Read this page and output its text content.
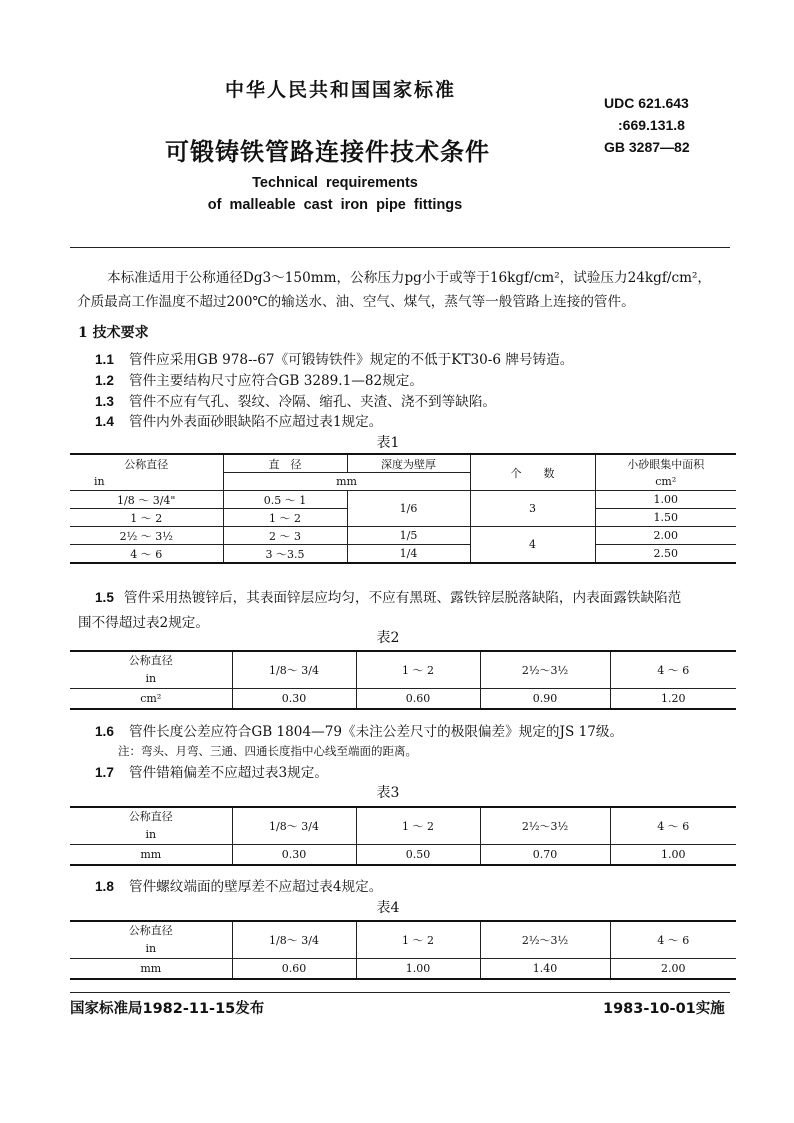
中华人民共和国国家标准
UDC 621.643
:669.131.8
GB 3287—82
可锻铸铁管路连接件技术条件
Technical requirements
of malleable cast iron pipe fittings
本标准适用于公称通径Dg3～150mm，公称压力pg小于或等于16kgf/cm²，试验压力24kgf/cm²，
介质最高工作温度不超过200℃的输送水、油、空气、煤气，蒸气等一般管路上连接的管件。
1 技术要求
1.1 管件应采用GB 978--67《可锻铸铁件》规定的不低于KT30-6 牌号铸造。
1.2 管件主要结构尺寸应符合GB 3289.1—82规定。
1.3 管件不应有气孔、裂纹、冷隔、缩孔、夹渣、浇不到等缺陷。
1.4 管件内外表面砂眼缺陷不应超过表1规定。
表1
公称直径	直　径	深度为壁厚	个　　数	小砂眼集中面积
in	mm			cm²
1/8 ～ 3/4"	0.5 ～ 1	1/6	3	1.00
1 ～ 2	1 ～ 2			1.50
2½ ～ 3½	2 ～ 3	1/5	4	2.00
4 ～ 6	3 ～3.5	1/4		2.50
1.5 管件采用热镀锌后，其表面锌层应均匀，不应有黑斑、露铁锌层脱落缺陷，内表面露铁缺陷范
围不得超过表2规定。
表2
公称直径
in	1/8～ 3/4	1 ～ 2	2½～3½	4 ～ 6
cm²	0.30	0.60	0.90	1.20
1.6 管件长度公差应符合GB 1804—79《未注公差尺寸的极限偏差》规定的JS 17级。
注：弯头、月弯、三通、四通长度指中心线至端面的距离。
1.7 管件错箱偏差不应超过表3规定。
表3
公称直径
in	1/8～ 3/4	1 ～ 2	2½～3½	4 ～ 6
mm	0.30	0.50	0.70	1.00
1.8 管件螺纹端面的壁厚差不应超过表4规定。
表4
公称直径
in	1/8～ 3/4	1 ～ 2	2½～3½	4 ～ 6
mm	0.60	1.00	1.40	2.00
国家标准局1982-11-15发布	1983-10-01实施
